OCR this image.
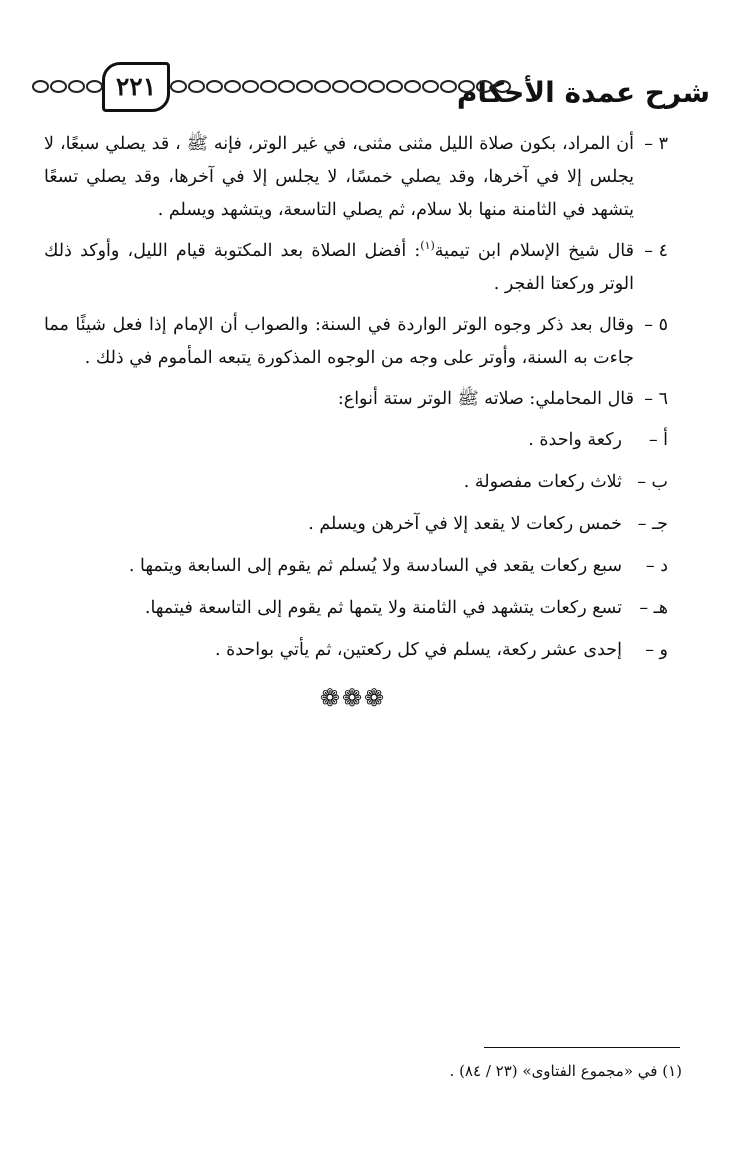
شرح عمدة الأحكام
٢٢١
٣ –
أن المراد، بكون صلاة الليل مثنى مثنى، في غير الوتر، فإنه ﷺ ، قد يصلي سبعًا، لا يجلس إلا في آخرها، وقد يصلي خمسًا، لا يجلس إلا في آخرها، وقد يصلي تسعًا يتشهد في الثامنة منها بلا سلام، ثم يصلي التاسعة، ويتشهد ويسلم .
٤ –
قال شيخ الإسلام ابن تيمية$^{(١)}$: أفضل الصلاة بعد المكتوبة قيام الليل، وأوكد ذلك الوتر وركعتا الفجر .
٥ –
وقال بعد ذكر وجوه الوتر الواردة في السنة: والصواب أن الإمام إذا فعل شيئًا مما جاءت به السنة، وأوتر على وجه من الوجوه المذكورة يتبعه المأموم في ذلك .
٦ –
قال المحاملي: صلاته ﷺ الوتر ستة أنواع:
أ –
ركعة واحدة .
ب –
ثلاث ركعات مفصولة .
جـ –
خمس ركعات لا يقعد إلا في آخرهن ويسلم .
د –
سبع ركعات يقعد في السادسة ولا يُسلم ثم يقوم إلى السابعة ويتمها .
هـ –
تسع ركعات يتشهد في الثامنة ولا يتمها ثم يقوم إلى التاسعة فيتمها.
و –
إحدى عشر ركعة، يسلم في كل ركعتين، ثم يأتي بواحدة .
❁❁❁
(١) في «مجموع الفتاوى» (٢٣ / ٨٤) .
